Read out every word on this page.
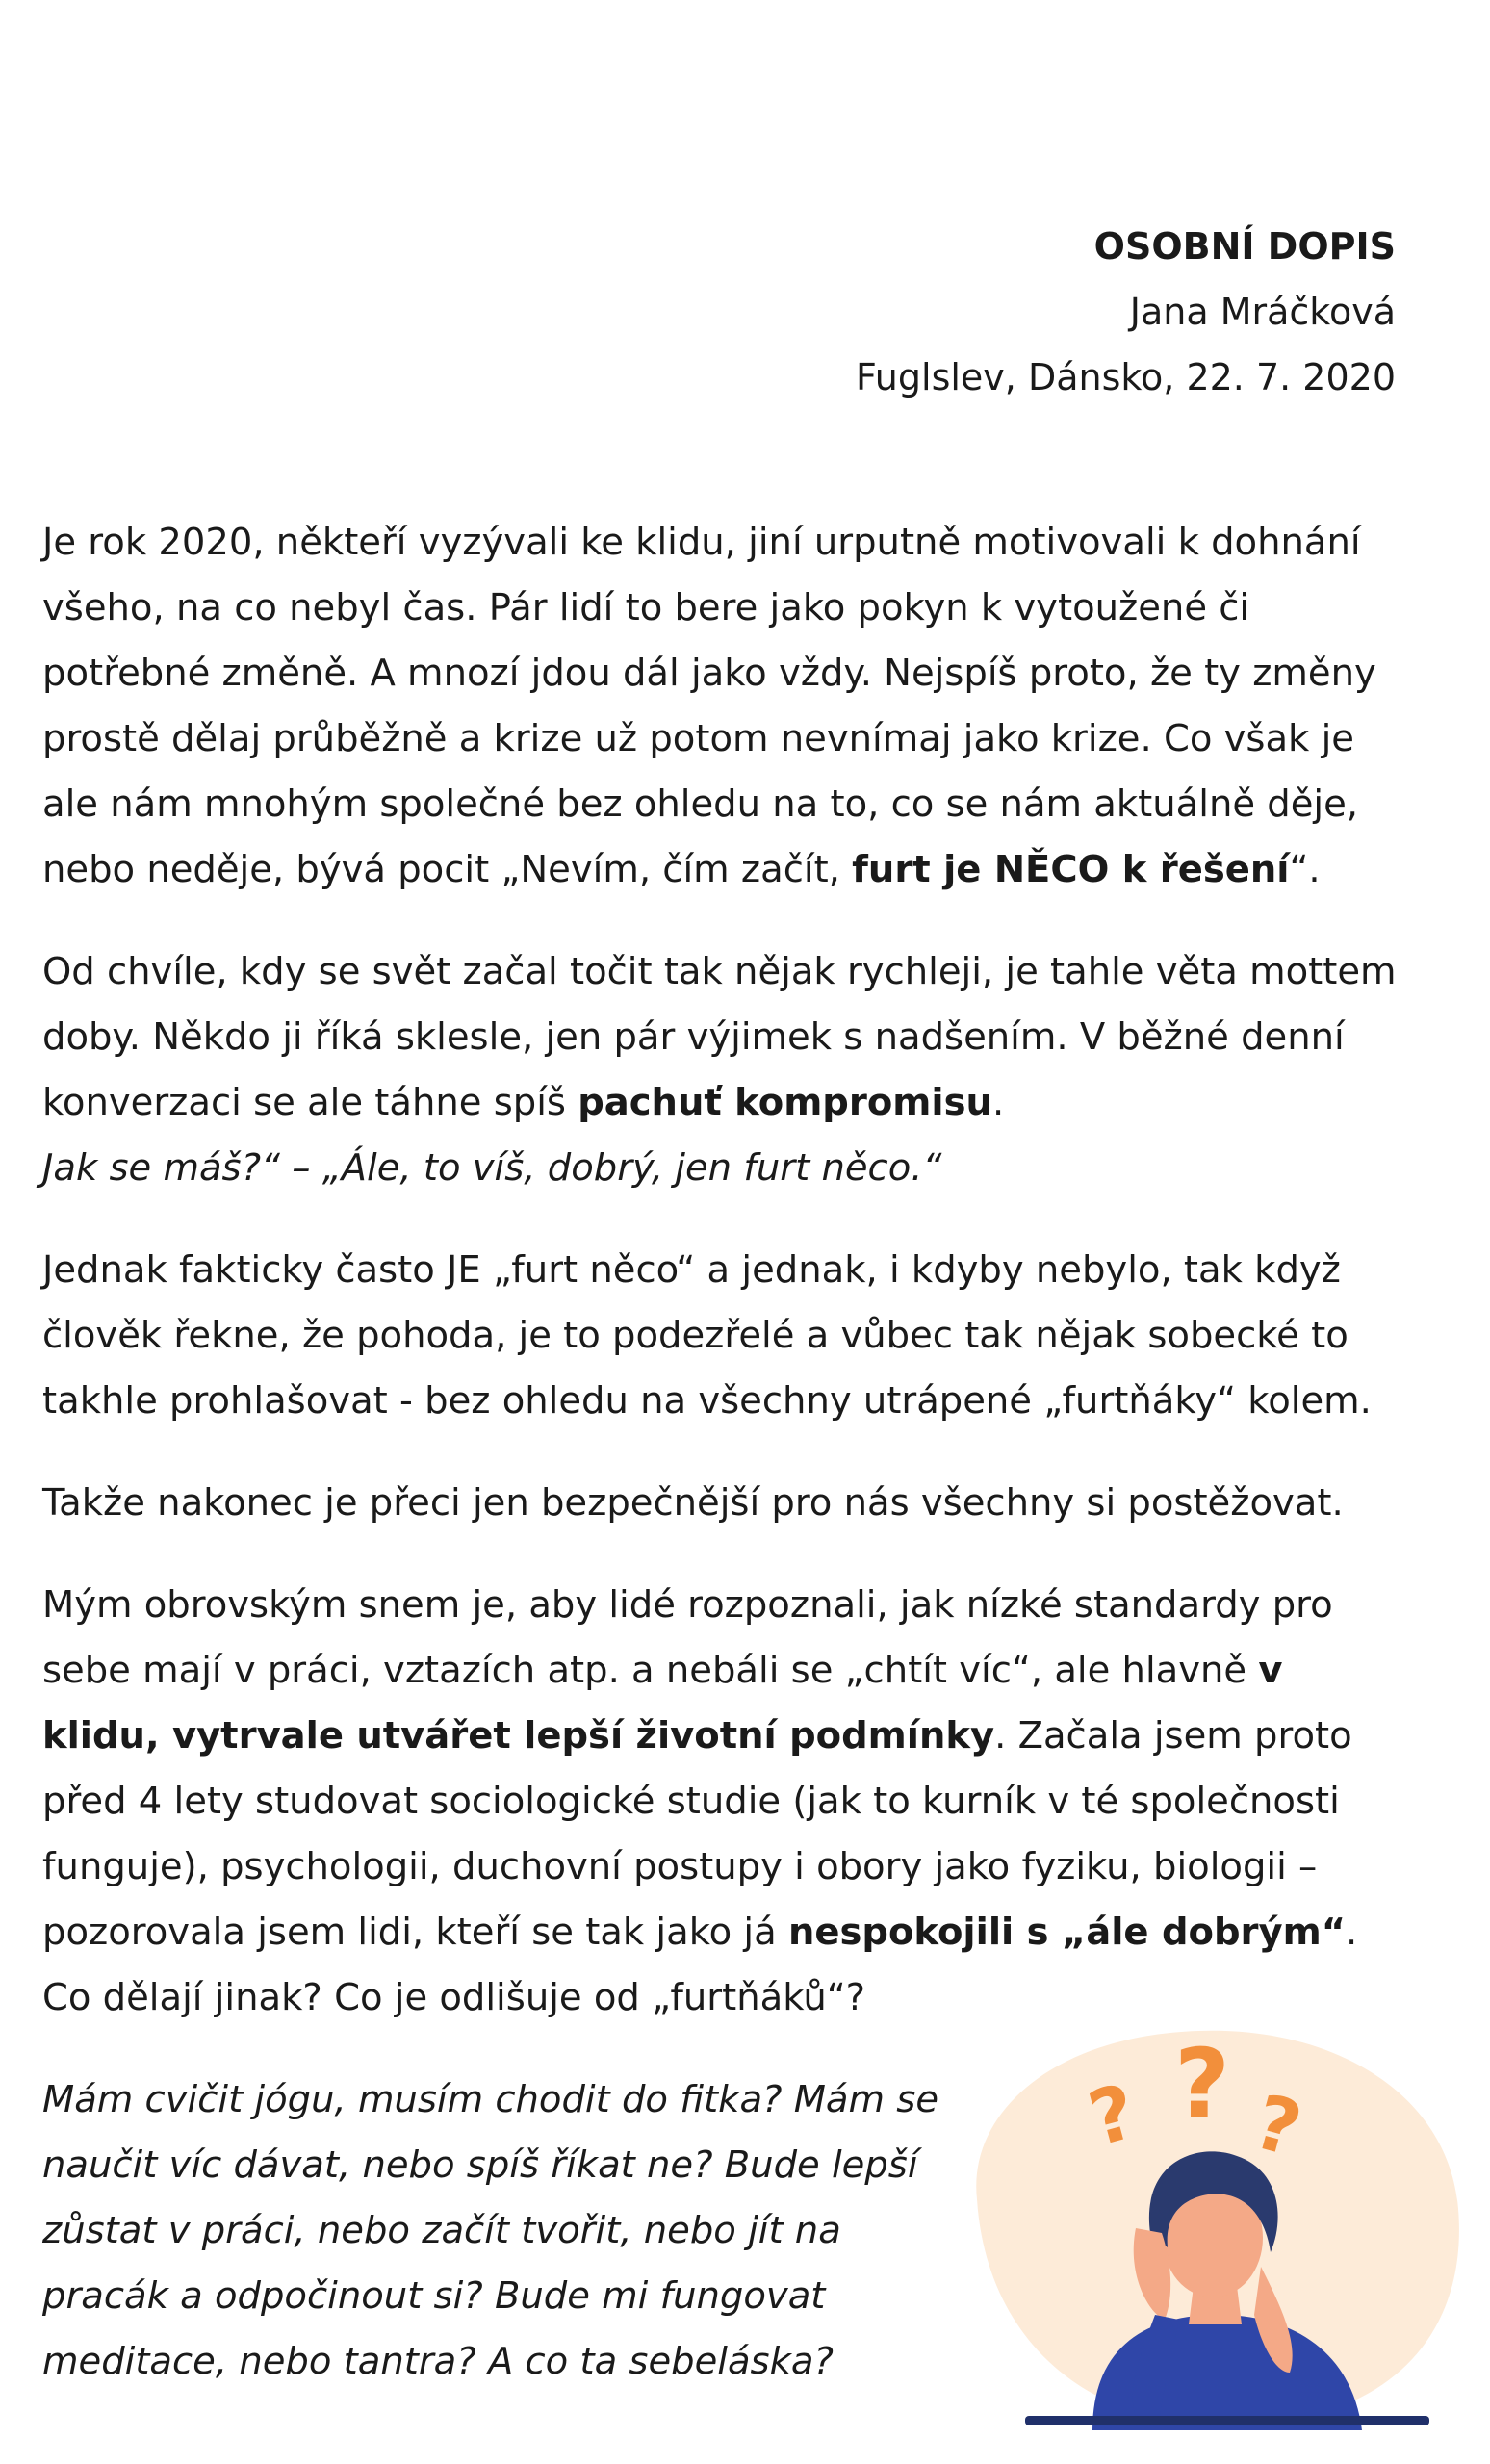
OSOBNÍ DOPIS
Jana Mráčková
Fuglslev, Dánsko, 22. 7. 2020

Je rok 2020, někteří vyzývali ke klidu, jiní urputně motivovali k dohnání všeho, na co nebyl čas. Pár lidí to bere jako pokyn k vytoužené či potřebné změně. A mnozí jdou dál jako vždy. Nejspíš proto, že ty změny prostě dělaj průběžně a krize už potom nevnímaj jako krize. Co však je ale nám mnohým společné bez ohledu na to, co se nám aktuálně děje, nebo neděje, bývá pocit „Nevím, čím začít, furt je NĚCO k řešení“.

Od chvíle, kdy se svět začal točit tak nějak rychleji, je tahle věta mottem doby. Někdo ji říká sklesle, jen pár výjimek s nadšením. V běžné denní konverzaci se ale táhne spíš pachuť kompromisu.
Jak se máš?“ – „Ále, to víš, dobrý, jen furt něco.“

Jednak fakticky často JE „furt něco“ a jednak, i kdyby nebylo, tak když člověk řekne, že pohoda, je to podezřelé a vůbec tak nějak sobecké to takhle prohlašovat - bez ohledu na všechny utrápené „furtňáky“ kolem.

Takže nakonec je přeci jen bezpečnější pro nás všechny si postěžovat.

Mým obrovským snem je, aby lidé rozpoznali, jak nízké standardy pro sebe mají v práci, vztazích atp. a nebáli se „chtít víc“, ale hlavně v klidu, vytrvale utvářet lepší životní podmínky. Začala jsem proto před 4 lety studovat sociologické studie (jak to kurník v té společnosti funguje), psychologii, duchovní postupy i obory jako fyziku, biologii – pozorovala jsem lidi, kteří se tak jako já nespokojili s „ále dobrým“. Co dělají jinak? Co je odlišuje od „furtňáků“?

Mám cvičit jógu, musím chodit do fitka? Mám se naučit víc dávat, nebo spíš říkat ne? Bude lepší zůstat v práci, nebo začít tvořit, nebo jít na pracák a odpočinout si? Bude mi fungovat meditace, nebo tantra? A co ta sebeláska?

? ? ?
